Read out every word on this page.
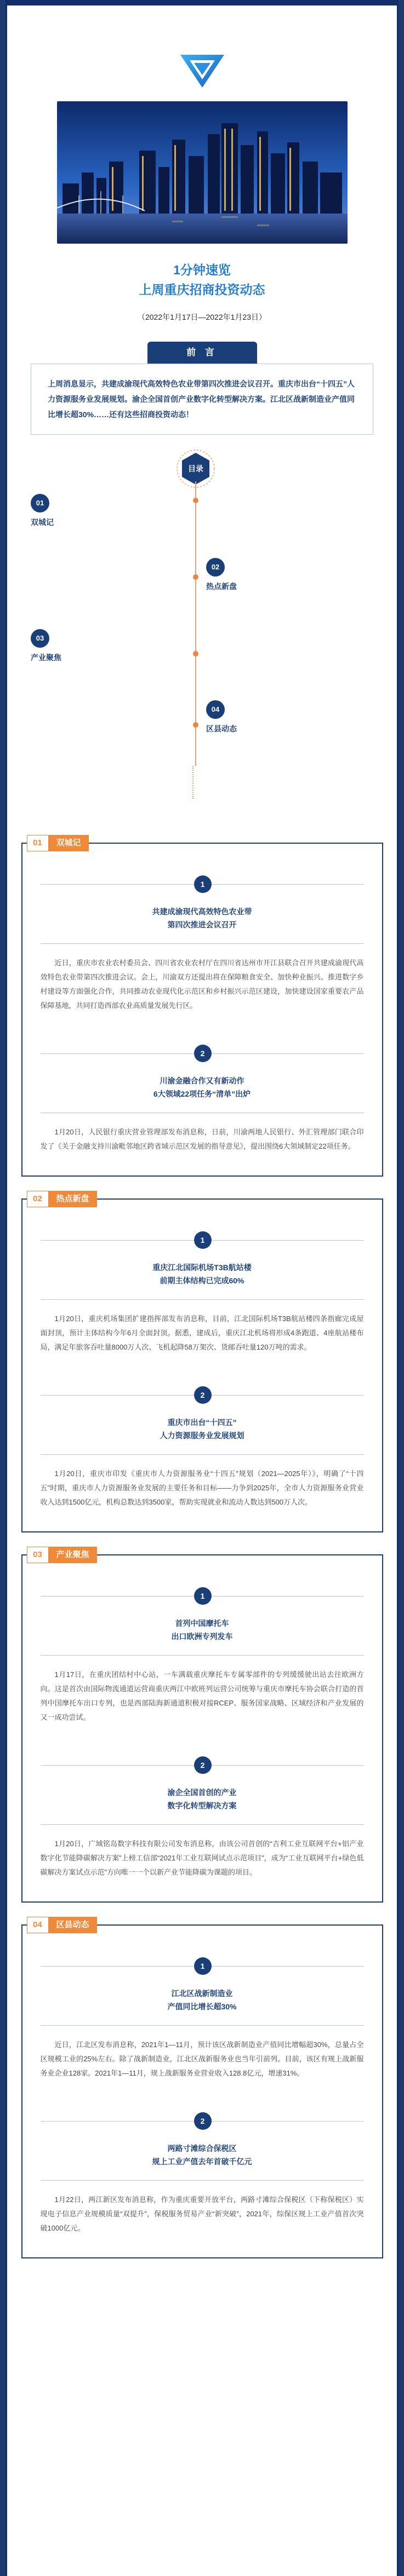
1分钟速览
上周重庆招商投资动态
（2022年1月17日—2022年1月23日）
前 言

上周消息显示，共建成渝现代高效特色农业带第四次推进会议召开。重庆市出台“十四五”人力资源服务业发展规划。渝企全国首创产业数字化转型解决方案。江北区战新制造业产值同比增长超30%……还有这些招商投资动态！

目录
01
双城记
02
热点新盘
03
产业聚焦
04
区县动态
01	双城记
1
共建成渝现代高效特色农业带
第四次推进会议召开

近日，重庆市农业农村委员会、四川省农业农村厅在四川省达州市开江县联合召开共建成渝现代高效特色农业带第四次推进会议。会上，川渝双方还提出将在保障粮食安全、加快种业振兴、推进数字乡村建设等方面强化合作，共同推动农业现代化示范区和乡村振兴示范区建设，加快建设国家重要农产品保障基地，共同打造西部农业高质量发展先行区。

2
川渝金融合作又有新动作
6大领域22项任务“清单”出炉

1月20日，人民银行重庆营业管理部发布消息称，日前，川渝两地人民银行、外汇管理部门联合印发了《关于金融支持川渝毗邻地区跨省域示范区发展的指导意见》，提出围绕6大领域制定22项任务。

02	热点新盘
1
重庆江北国际机场T3B航站楼
前期主体结构已完成60%

1月20日，重庆机场集团扩建指挥部发布消息称，目前，江北国际机场T3B航站楼四条指廊完成屋面封顶，预计主体结构今年6月全面封顶。据悉，建成后，重庆江北机场将形成4条跑道、4座航站楼布局，满足年旅客吞吐量8000万人次、飞机起降58万架次、货邮吞吐量120万吨的需求。

2
重庆市出台“十四五”
人力资源服务业发展规划

1月20日，重庆市印发《重庆市人力资源服务业“十四五”规划（2021—2025年）》，明确了“十四五”时期，重庆市人力资源服务业发展的主要任务和目标——力争到2025年，全市人力资源服务业营业收入达到1500亿元，机构总数达到3500家，帮助实现就业和流动人数达到500万人次。

03	产业聚焦
1
首列中国摩托车
出口欧洲专列发车

1月17日，在重庆团结村中心站，一车满载重庆摩托车专属零部件的专列缓缓驶出站去往欧洲方向。这是首次由国际物流通道运营商重庆两江中欧班列运营公司统筹与重庆市摩托车协会联合打造的首列中国摩托车出口专列，也是西部陆海新通道积极对接RCEP、服务国家战略、区域经济和产业发展的又一成功尝试。

2
渝企全国首创的产业
数字化转型解决方案

1月20日，广域铭岛数字科技有限公司发布消息称，由该公司首创的“吉利工业互联网平台+铝产业数字化节能降碳解决方案”上榜工信部“2021年工业互联网试点示范项目”，成为“工业互联网平台+绿色低碳解决方案试点示范”方向唯一一个以新产业节能降碳为课题的项目。

04	区县动态
1
江北区战新制造业
产值同比增长超30%

近日，江北区发布消息称，2021年1—11月，预计该区战新制造业产值同比增幅超30%，总量占全区规模工业的25%左右。除了战新制造业，江北区战新服务业也当年引前列。目前，该区有规上战新服务业企业128家。2021年1—11月，规上战新服务业营业收入128.8亿元，增速31%。

2
两路寸滩综合保税区
规上工业产值去年首破千亿元

1月22日，两江新区发布消息称，作为重庆重要开放平台，两路寸滩综合保税区（下称保税区）实现电子信息产业规模质量“双提升”，保税服务贸易产业“新突破”，2021年，综保区规上工业产值首次突破1000亿元。
